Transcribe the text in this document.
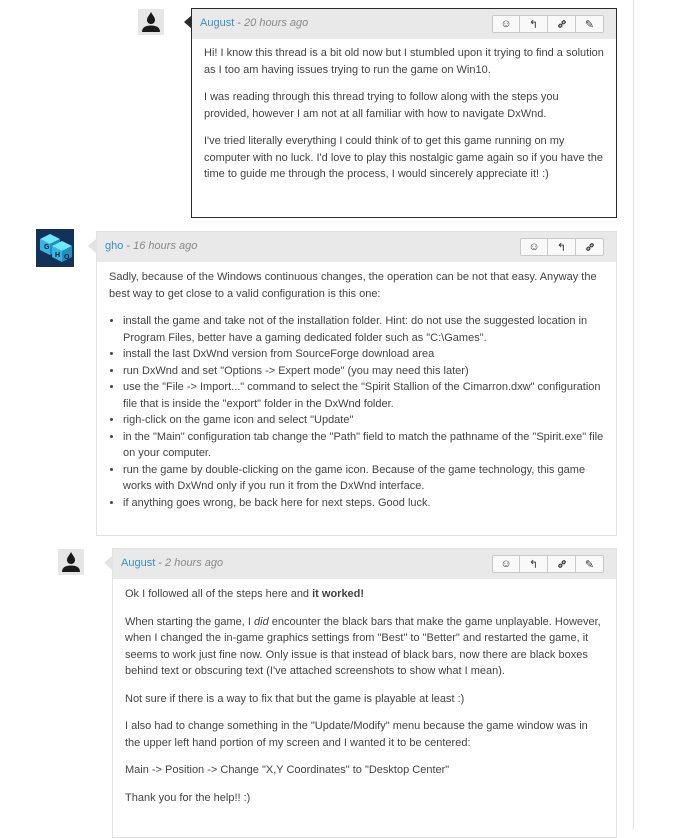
August - 20 hours ago	☺	↰	✎

Hi! I know this thread is a bit old now but I stumbled upon it trying to find a solution as I too am having issues trying to run the game on Win10.

I was reading through this thread trying to follow along with the steps you provided, however I am not at all familiar with how to navigate DxWnd.

I've tried literally everything I could think of to get this game running on my computer with no luck. I'd love to play this nostalgic game again so if you have the time to guide me through the process, I would sincerely appreciate it! :)

G
H O
gho - 16 hours ago	☺	↰

Sadly, because of the Windows continuous changes, the operation can be not that easy. Anyway the best way to get close to a valid configuration is this one:

• install the game and take not of the installation folder. Hint: do not use the suggested location in Program Files, better have a gaming dedicated folder such as "C:\Games".
• install the last DxWnd version from SourceForge download area
• run DxWnd and set "Options -> Expert mode" (you may need this later)
• use the "File -> Import..." command to select the "Spirit Stallion of the Cimarron.dxw" configuration file that is inside the "export" folder in the DxWnd folder.
• righ-click on the game icon and select "Update"
• in the "Main" configuration tab change the "Path" field to match the pathname of the "Spirit.exe" file on your computer.
• run the game by double-clicking on the game icon. Because of the game technology, this game works with DxWnd only if you run it from the DxWnd interface.
• if anything goes wrong, be back here for next steps. Good luck.
August - 2 hours ago	☺	↰	✎

Ok I followed all of the steps here and it worked!

When starting the game, I did encounter the black bars that make the game unplayable. However, when I changed the in-game graphics settings from "Best" to "Better" and restarted the game, it seems to work just fine now. Only issue is that instead of black bars, now there are black boxes behind text or obscuring text (I've attached screenshots to show what I mean).

Not sure if there is a way to fix that but the game is playable at least :)

I also had to change something in the "Update/Modify" menu because the game window was in the upper left hand portion of my screen and I wanted it to be centered:

Main -> Position -> Change "X,Y Coordinates" to "Desktop Center"

Thank you for the help!! :)
